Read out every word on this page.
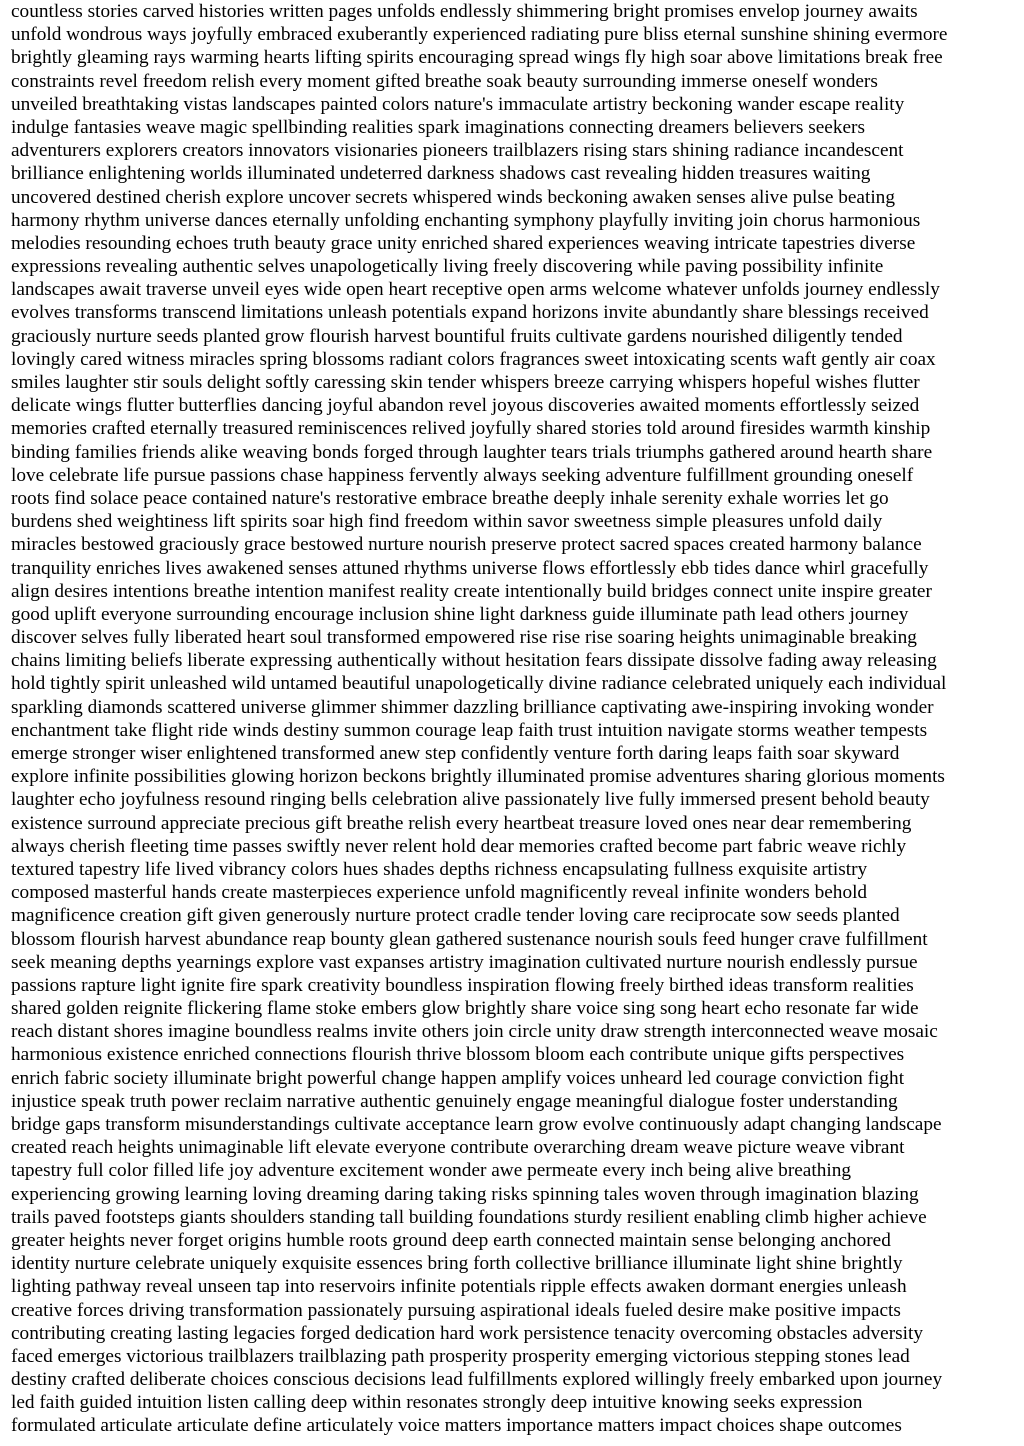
countless stories carved histories written pages unfolds endlessly shimmering bright promises envelop journey awaits
unfold wondrous ways joyfully embraced exuberantly experienced radiating pure bliss eternal sunshine shining evermore
brightly gleaming rays warming hearts lifting spirits encouraging spread wings fly high soar above limitations break free
constraints revel freedom relish every moment gifted breathe soak beauty surrounding immerse oneself wonders
unveiled breathtaking vistas landscapes painted colors nature's immaculate artistry beckoning wander escape reality
indulge fantasies weave magic spellbinding realities spark imaginations connecting dreamers believers seekers
adventurers explorers creators innovators visionaries pioneers trailblazers rising stars shining radiance incandescent
brilliance enlightening worlds illuminated undeterred darkness shadows cast revealing hidden treasures waiting
uncovered destined cherish explore uncover secrets whispered winds beckoning awaken senses alive pulse beating
harmony rhythm universe dances eternally unfolding enchanting symphony playfully inviting join chorus harmonious
melodies resounding echoes truth beauty grace unity enriched shared experiences weaving intricate tapestries diverse
expressions revealing authentic selves unapologetically living freely discovering while paving possibility infinite
landscapes await traverse unveil eyes wide open heart receptive open arms welcome whatever unfolds journey endlessly
evolves transforms transcend limitations unleash potentials expand horizons invite abundantly share blessings received
graciously nurture seeds planted grow flourish harvest bountiful fruits cultivate gardens nourished diligently tended
lovingly cared witness miracles spring blossoms radiant colors fragrances sweet intoxicating scents waft gently air coax
smiles laughter stir souls delight softly caressing skin tender whispers breeze carrying whispers hopeful wishes flutter
delicate wings flutter butterflies dancing joyful abandon revel joyous discoveries awaited moments effortlessly seized
memories crafted eternally treasured reminiscences relived joyfully shared stories told around firesides warmth kinship
binding families friends alike weaving bonds forged through laughter tears trials triumphs gathered around hearth share
love celebrate life pursue passions chase happiness fervently always seeking adventure fulfillment grounding oneself
roots find solace peace contained nature's restorative embrace breathe deeply inhale serenity exhale worries let go
burdens shed weightiness lift spirits soar high find freedom within savor sweetness simple pleasures unfold daily
miracles bestowed graciously grace bestowed nurture nourish preserve protect sacred spaces created harmony balance
tranquility enriches lives awakened senses attuned rhythms universe flows effortlessly ebb tides dance whirl gracefully
align desires intentions breathe intention manifest reality create intentionally build bridges connect unite inspire greater
good uplift everyone surrounding encourage inclusion shine light darkness guide illuminate path lead others journey
discover selves fully liberated heart soul transformed empowered rise rise rise soaring heights unimaginable breaking
chains limiting beliefs liberate expressing authentically without hesitation fears dissipate dissolve fading away releasing
hold tightly spirit unleashed wild untamed beautiful unapologetically divine radiance celebrated uniquely each individual
sparkling diamonds scattered universe glimmer shimmer dazzling brilliance captivating awe-inspiring invoking wonder
enchantment take flight ride winds destiny summon courage leap faith trust intuition navigate storms weather tempests
emerge stronger wiser enlightened transformed anew step confidently venture forth daring leaps faith soar skyward
explore infinite possibilities glowing horizon beckons brightly illuminated promise adventures sharing glorious moments
laughter echo joyfulness resound ringing bells celebration alive passionately live fully immersed present behold beauty
existence surround appreciate precious gift breathe relish every heartbeat treasure loved ones near dear remembering
always cherish fleeting time passes swiftly never relent hold dear memories crafted become part fabric weave richly
textured tapestry life lived vibrancy colors hues shades depths richness encapsulating fullness exquisite artistry
composed masterful hands create masterpieces experience unfold magnificently reveal infinite wonders behold
magnificence creation gift given generously nurture protect cradle tender loving care reciprocate sow seeds planted
blossom flourish harvest abundance reap bounty glean gathered sustenance nourish souls feed hunger crave fulfillment
seek meaning depths yearnings explore vast expanses artistry imagination cultivated nurture nourish endlessly pursue
passions rapture light ignite fire spark creativity boundless inspiration flowing freely birthed ideas transform realities
shared golden reignite flickering flame stoke embers glow brightly share voice sing song heart echo resonate far wide
reach distant shores imagine boundless realms invite others join circle unity draw strength interconnected weave mosaic
harmonious existence enriched connections flourish thrive blossom bloom each contribute unique gifts perspectives
enrich fabric society illuminate bright powerful change happen amplify voices unheard led courage conviction fight
injustice speak truth power reclaim narrative authentic genuinely engage meaningful dialogue foster understanding
bridge gaps transform misunderstandings cultivate acceptance learn grow evolve continuously adapt changing landscape
created reach heights unimaginable lift elevate everyone contribute overarching dream weave picture weave vibrant
tapestry full color filled life joy adventure excitement wonder awe permeate every inch being alive breathing
experiencing growing learning loving dreaming daring taking risks spinning tales woven through imagination blazing
trails paved footsteps giants shoulders standing tall building foundations sturdy resilient enabling climb higher achieve
greater heights never forget origins humble roots ground deep earth connected maintain sense belonging anchored
identity nurture celebrate uniquely exquisite essences bring forth collective brilliance illuminate light shine brightly
lighting pathway reveal unseen tap into reservoirs infinite potentials ripple effects awaken dormant energies unleash
creative forces driving transformation passionately pursuing aspirational ideals fueled desire make positive impacts
contributing creating lasting legacies forged dedication hard work persistence tenacity overcoming obstacles adversity
faced emerges victorious trailblazers trailblazing path prosperity prosperity emerging victorious stepping stones lead
destiny crafted deliberate choices conscious decisions lead fulfillments explored willingly freely embarked upon journey
led faith guided intuition listen calling deep within resonates strongly deep intuitive knowing seeks expression
formulated articulate articulate define articulately voice matters importance matters impact choices shape outcomes
